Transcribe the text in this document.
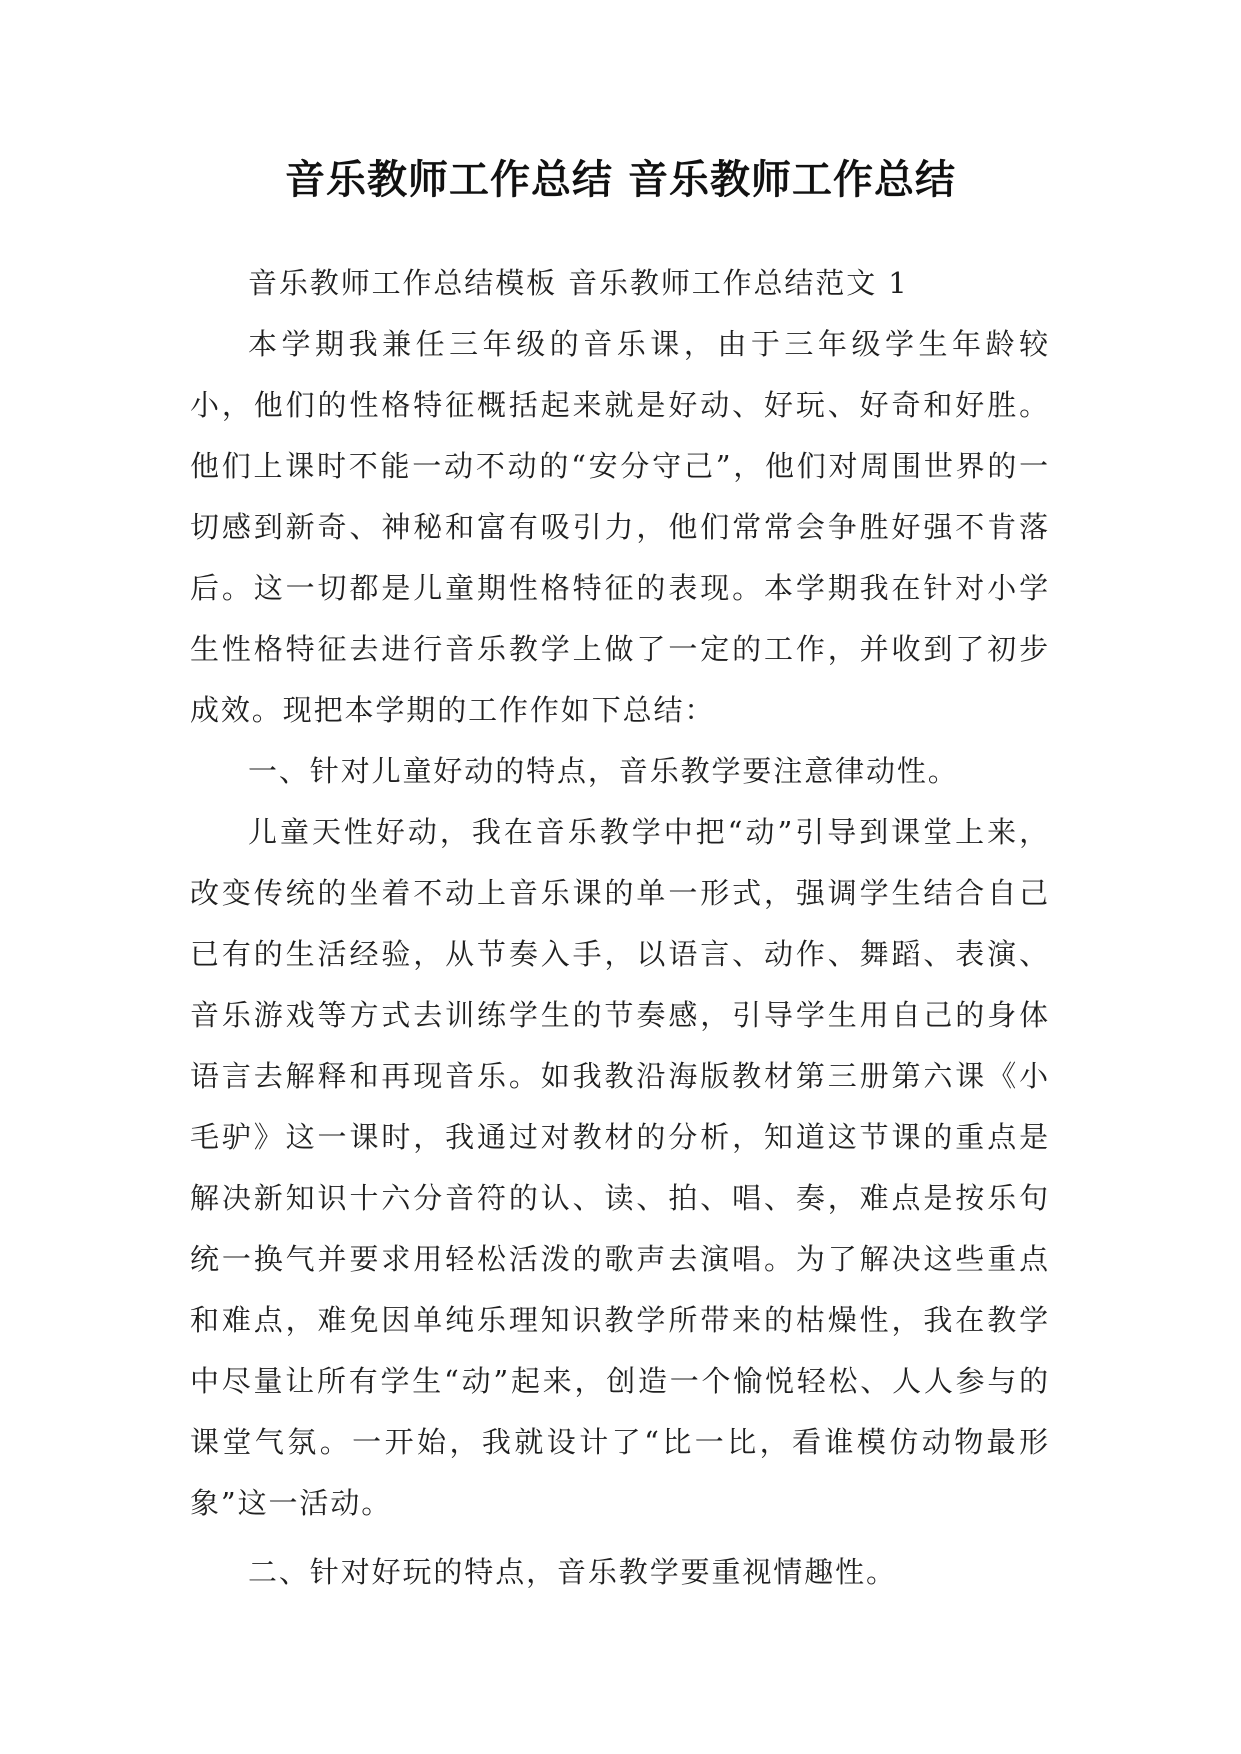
音乐教师工作总结 音乐教师工作总结

音乐教师工作总结模板 音乐教师工作总结范文 1

本学期我兼任三年级的音乐课，由于三年级学生年龄较小，他们的性格特征概括起来就是好动、好玩、好奇和好胜。他们上课时不能一动不动的“安分守己”，他们对周围世界的一切感到新奇、神秘和富有吸引力，他们常常会争胜好强不肯落后。这一切都是儿童期性格特征的表现。本学期我在针对小学生性格特征去进行音乐教学上做了一定的工作，并收到了初步成效。现把本学期的工作作如下总结：

一、针对儿童好动的特点，音乐教学要注意律动性。

儿童天性好动，我在音乐教学中把“动”引导到课堂上来，改变传统的坐着不动上音乐课的单一形式，强调学生结合自己已有的生活经验，从节奏入手，以语言、动作、舞蹈、表演、音乐游戏等方式去训练学生的节奏感，引导学生用自己的身体语言去解释和再现音乐。如我教沿海版教材第三册第六课《小毛驴》这一课时，我通过对教材的分析，知道这节课的重点是解决新知识十六分音符的认、读、拍、唱、奏，难点是按乐句统一换气并要求用轻松活泼的歌声去演唱。为了解决这些重点和难点，难免因单纯乐理知识教学所带来的枯燥性，我在教学中尽量让所有学生“动”起来，创造一个愉悦轻松、人人参与的课堂气氛。一开始，我就设计了“比一比，看谁模仿动物最形象”这一活动。

二、针对好玩的特点，音乐教学要重视情趣性。
